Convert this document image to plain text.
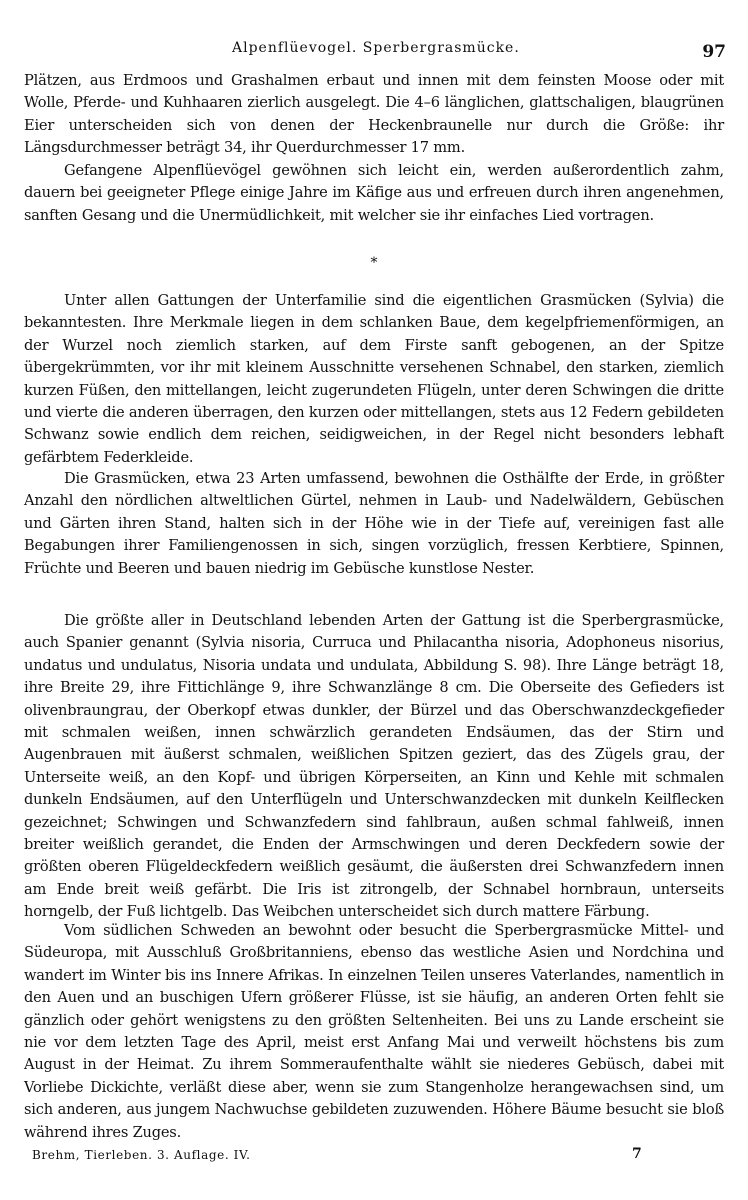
Alpenflüevogel. Sperbergrasmücke.	97

Plätzen, aus Erdmoos und Grashalmen erbaut und innen mit dem feinsten Moose oder mit Wolle, Pferde- und Kuhhaaren zierlich ausgelegt. Die 4–6 länglichen, glattschaligen, blaugrünen Eier unterscheiden sich von denen der Heckenbraunelle nur durch die Größe: ihr Längsdurchmesser beträgt 34, ihr Querdurchmesser 17 mm.

Gefangene Alpenflüevögel gewöhnen sich leicht ein, werden außerordentlich zahm, dauern bei geeigneter Pflege einige Jahre im Käfige aus und erfreuen durch ihren angenehmen, sanften Gesang und die Unermüdlichkeit, mit welcher sie ihr einfaches Lied vortragen.

*

Unter allen Gattungen der Unterfamilie sind die eigentlichen Grasmücken (Sylvia) die bekanntesten. Ihre Merkmale liegen in dem schlanken Baue, dem kegelpfriemenförmigen, an der Wurzel noch ziemlich starken, auf dem Firste sanft gebogenen, an der Spitze übergekrümmten, vor ihr mit kleinem Ausschnitte versehenen Schnabel, den starken, ziemlich kurzen Füßen, den mittellangen, leicht zugerundeten Flügeln, unter deren Schwingen die dritte und vierte die anderen überragen, den kurzen oder mittellangen, stets aus 12 Federn gebildeten Schwanz sowie endlich dem reichen, seidigweichen, in der Regel nicht besonders lebhaft gefärbtem Federkleide.

Die Grasmücken, etwa 23 Arten umfassend, bewohnen die Osthälfte der Erde, in größter Anzahl den nördlichen altweltlichen Gürtel, nehmen in Laub- und Nadelwäldern, Gebüschen und Gärten ihren Stand, halten sich in der Höhe wie in der Tiefe auf, vereinigen fast alle Begabungen ihrer Familiengenossen in sich, singen vorzüglich, fressen Kerbtiere, Spinnen, Früchte und Beeren und bauen niedrig im Gebüsche kunstlose Nester.

Die größte aller in Deutschland lebenden Arten der Gattung ist die Sperbergrasmücke, auch Spanier genannt (Sylvia nisoria, Curruca und Philacantha nisoria, Adophoneus nisorius, undatus und undulatus, Nisoria undata und undulata, Abbildung S. 98). Ihre Länge beträgt 18, ihre Breite 29, ihre Fittichlänge 9, ihre Schwanzlänge 8 cm. Die Oberseite des Gefieders ist olivenbraungrau, der Oberkopf etwas dunkler, der Bürzel und das Oberschwanzdeckgefieder mit schmalen weißen, innen schwärzlich gerandeten Endsäumen, das der Stirn und Augenbrauen mit äußerst schmalen, weißlichen Spitzen geziert, das des Zügels grau, der Unterseite weiß, an den Kopf- und übrigen Körperseiten, an Kinn und Kehle mit schmalen dunkeln Endsäumen, auf den Unterflügeln und Unterschwanzdecken mit dunkeln Keilflecken gezeichnet; Schwingen und Schwanzfedern sind fahlbraun, außen schmal fahlweiß, innen breiter weißlich gerandet, die Enden der Armschwingen und deren Deckfedern sowie der größten oberen Flügeldeckfedern weißlich gesäumt, die äußersten drei Schwanzfedern innen am Ende breit weiß gefärbt. Die Iris ist zitrongelb, der Schnabel hornbraun, unterseits horngelb, der Fuß lichtgelb. Das Weibchen unterscheidet sich durch mattere Färbung.

Vom südlichen Schweden an bewohnt oder besucht die Sperbergrasmücke Mittel- und Südeuropa, mit Ausschluß Großbritanniens, ebenso das westliche Asien und Nordchina und wandert im Winter bis ins Innere Afrikas. In einzelnen Teilen unseres Vaterlandes, namentlich in den Auen und an buschigen Ufern größerer Flüsse, ist sie häufig, an anderen Orten fehlt sie gänzlich oder gehört wenigstens zu den größten Seltenheiten. Bei uns zu Lande erscheint sie nie vor dem letzten Tage des April, meist erst Anfang Mai und verweilt höchstens bis zum August in der Heimat. Zu ihrem Sommeraufenthalte wählt sie niederes Gebüsch, dabei mit Vorliebe Dickichte, verläßt diese aber, wenn sie zum Stangenholze herangewachsen sind, um sich anderen, aus jungem Nachwuchse gebildeten zuzuwenden. Höhere Bäume besucht sie bloß während ihres Zuges.

Brehm, Tierleben. 3. Auflage. IV.	7
